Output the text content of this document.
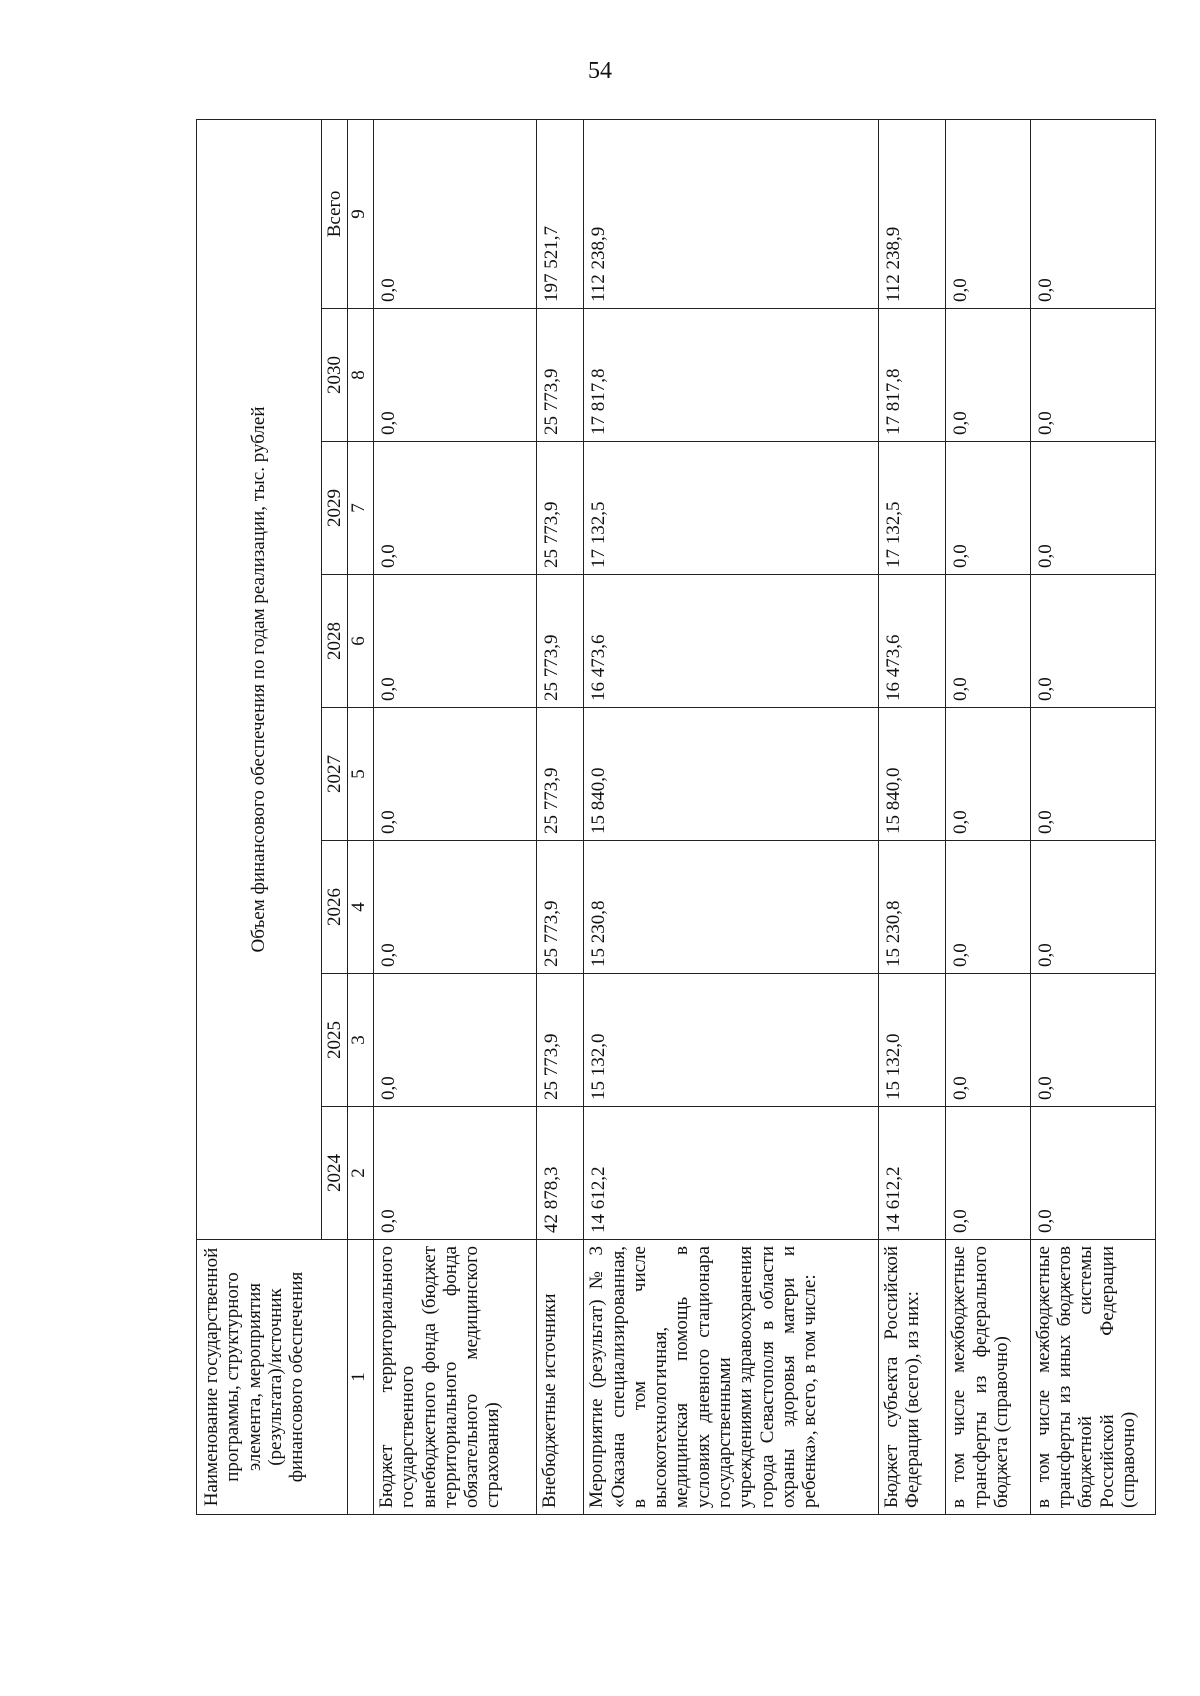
54
Наименование государственной программы, структурного элемента, мероприятия (результата)/источник финансового обеспечения	Объем финансового обеспечения по годам реализации, тыс. рублей							
	2024	2025	2026	2027	2028	2029	2030	Всего
1	2	3	4	5	6	7	8	9
Бюджет территориального государственного внебюджетного фонда (бюджет территориального фонда обязательного медицинского страхования)	0,0	0,0	0,0	0,0	0,0	0,0	0,0	0,0
Внебюджетные источники	42 878,3	25 773,9	25 773,9	25 773,9	25 773,9	25 773,9	25 773,9	197 521,7
Мероприятие (результат) № 3 «Оказана специализированная, в том числе высокотехнологичная, медицинская помощь в условиях дневного стационара государственными учреждениями здравоохранения города Севастополя в области охраны здоровья матери и ребенка», всего, в том числе:	14 612,2	15 132,0	15 230,8	15 840,0	16 473,6	17 132,5	17 817,8	112 238,9
Бюджет субъекта Российской Федерации (всего), из них:	14 612,2	15 132,0	15 230,8	15 840,0	16 473,6	17 132,5	17 817,8	112 238,9
в том числе межбюджетные трансферты из федерального бюджета (справочно)	0,0	0,0	0,0	0,0	0,0	0,0	0,0	0,0
в том числе межбюджетные трансферты из иных бюджетов бюджетной системы Российской Федерации (справочно)	0,0	0,0	0,0	0,0	0,0	0,0	0,0	0,0
